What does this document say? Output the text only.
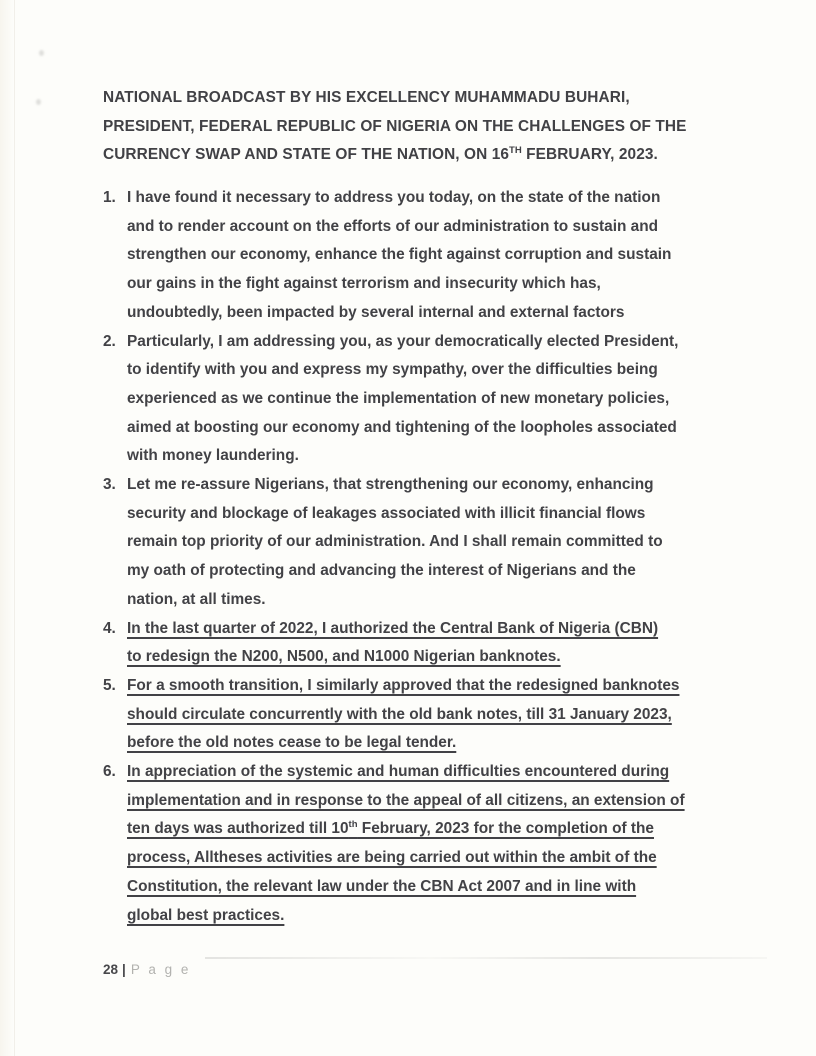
NATIONAL BROADCAST BY HIS EXCELLENCY MUHAMMADU BUHARI,
PRESIDENT, FEDERAL REPUBLIC OF NIGERIA ON THE CHALLENGES OF THE
CURRENCY SWAP AND STATE OF THE NATION, ON 16TH FEBRUARY, 2023.
1. I have found it necessary to address you today, on the state of the nation
and to render account on the efforts of our administration to sustain and
strengthen our economy, enhance the fight against corruption and sustain
our gains in the fight against terrorism and insecurity which has,
undoubtedly, been impacted by several internal and external factors
2. Particularly, I am addressing you, as your democratically elected President,
to identify with you and express my sympathy, over the difficulties being
experienced as we continue the implementation of new monetary policies,
aimed at boosting our economy and tightening of the loopholes associated
with money laundering.
3. Let me re-assure Nigerians, that strengthening our economy, enhancing
security and blockage of leakages associated with illicit financial flows
remain top priority of our administration. And I shall remain committed to
my oath of protecting and advancing the interest of Nigerians and the
nation, at all times.
4. In the last quarter of 2022, I authorized the Central Bank of Nigeria (CBN)
to redesign the N200, N500, and N1000 Nigerian banknotes.
5. For a smooth transition, I similarly approved that the redesigned banknotes
should circulate concurrently with the old bank notes, till 31 January 2023,
before the old notes cease to be legal tender.
6. In appreciation of the systemic and human difficulties encountered during
implementation and in response to the appeal of all citizens, an extension of
ten days was authorized till 10th February, 2023 for the completion of the
process, Alltheses activities are being carried out within the ambit of the
Constitution, the relevant law under the CBN Act 2007 and in line with
global best practices.
28 | P a g e
